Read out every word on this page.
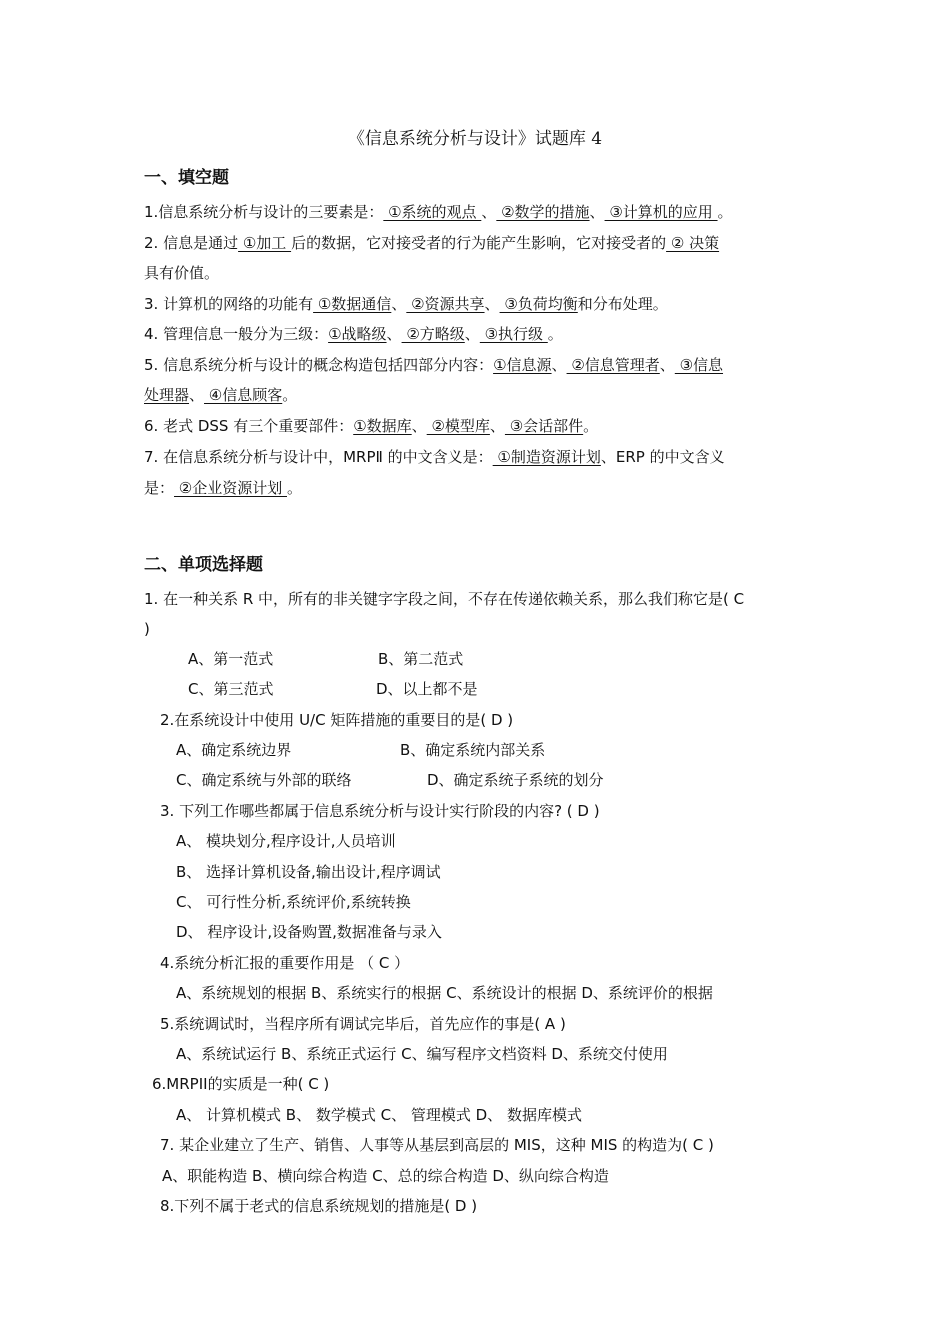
《信息系统分析与设计》试题库 4
一、填空题
1.信息系统分析与设计的三要素是： ①系统的观点 、 ②数学的措施、 ③计算机的应用 。
2. 信息是通过 ①加工 后的数据，它对接受者的行为能产生影响，它对接受者的 ② 决策
具有价值。
3. 计算机的网络的功能有 ①数据通信、 ②资源共享、 ③负荷均衡和分布处理。
4. 管理信息一般分为三级：①战略级、 ②方略级、 ③执行级 。
5. 信息系统分析与设计的概念构造包括四部分内容：①信息源、 ②信息管理者、 ③信息
处理器、 ④信息顾客。
6. 老式 DSS 有三个重要部件：①数据库、 ②模型库、 ③会话部件。
7. 在信息系统分析与设计中，MRPⅡ 的中文含义是： ①制造资源计划、ERP 的中文含义
是： ②企业资源计划 。
二、单项选择题
1. 在一种关系 R 中，所有的非关键字字段之间，不存在传递依赖关系，那么我们称它是( C
)
A、第一范式	B、第二范式
C、第三范式	D、以上都不是
2.在系统设计中使用 U/C 矩阵措施的重要目的是( D )
A、确定系统边界	B、确定系统内部关系
C、确定系统与外部的联络	D、确定系统子系统的划分
3. 下列工作哪些都属于信息系统分析与设计实行阶段的内容? ( D )
A、 模块划分,程序设计,人员培训
B、 选择计算机设备,输出设计,程序调试
C、 可行性分析,系统评价,系统转换
D、 程序设计,设备购置,数据准备与录入
4.系统分析汇报的重要作用是 （ C ）
A、系统规划的根据 B、系统实行的根据 C、系统设计的根据 D、系统评价的根据
5.系统调试时，当程序所有调试完毕后，首先应作的事是( A )
A、系统试运行 B、系统正式运行 C、编写程序文档资料 D、系统交付使用
6.MRPII的实质是一种( C )
A、 计算机模式 B、 数学模式 C、 管理模式 D、 数据库模式
7. 某企业建立了生产、销售、人事等从基层到高层的 MIS，这种 MIS 的构造为( C )
A、职能构造 B、横向综合构造 C、总的综合构造 D、纵向综合构造
8.下列不属于老式的信息系统规划的措施是( D )
